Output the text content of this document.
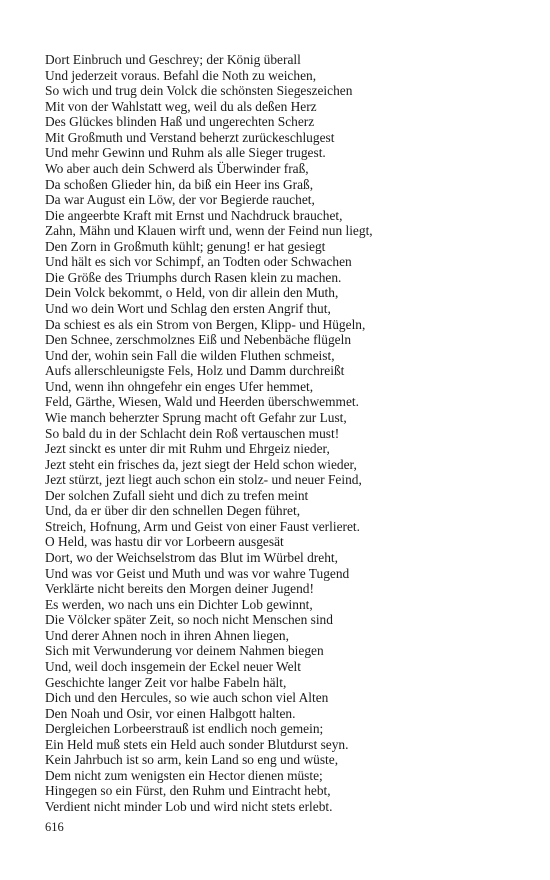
Dort Einbruch und Geschrey; der König überall
Und jederzeit voraus. Befahl die Noth zu weichen,
So wich und trug dein Volck die schönsten Siegeszeichen
Mit von der Wahlstatt weg, weil du als deßen Herz
Des Glückes blinden Haß und ungerechten Scherz
Mit Großmuth und Verstand beherzt zurückeschlugest
Und mehr Gewinn und Ruhm als alle Sieger trugest.
Wo aber auch dein Schwerd als Überwinder fraß,
Da schoßen Glieder hin, da biß ein Heer ins Graß,
Da war August ein Löw, der vor Begierde rauchet,
Die angeerbte Kraft mit Ernst und Nachdruck brauchet,
Zahn, Mähn und Klauen wirft und, wenn der Feind nun liegt,
Den Zorn in Großmuth kühlt; genung! er hat gesiegt
Und hält es sich vor Schimpf, an Todten oder Schwachen
Die Größe des Triumphs durch Rasen klein zu machen.
Dein Volck bekommt, o Held, von dir allein den Muth,
Und wo dein Wort und Schlag den ersten Angrif thut,
Da schiest es als ein Strom von Bergen, Klipp- und Hügeln,
Den Schnee, zerschmolznes Eiß und Nebenbäche flügeln
Und der, wohin sein Fall die wilden Fluthen schmeist,
Aufs allerschleunigste Fels, Holz und Damm durchreißt
Und, wenn ihn ohngefehr ein enges Ufer hemmet,
Feld, Gärthe, Wiesen, Wald und Heerden überschwemmet.
Wie manch beherzter Sprung macht oft Gefahr zur Lust,
So bald du in der Schlacht dein Roß vertauschen must!
Jezt sinckt es unter dir mit Ruhm und Ehrgeiz nieder,
Jezt steht ein frisches da, jezt siegt der Held schon wieder,
Jezt stürzt, jezt liegt auch schon ein stolz- und neuer Feind,
Der solchen Zufall sieht und dich zu trefen meint
Und, da er über dir den schnellen Degen führet,
Streich, Hofnung, Arm und Geist von einer Faust verlieret.
O Held, was hastu dir vor Lorbeern ausgesät
Dort, wo der Weichselstrom das Blut im Würbel dreht,
Und was vor Geist und Muth und was vor wahre Tugend
Verklärte nicht bereits den Morgen deiner Jugend!
Es werden, wo nach uns ein Dichter Lob gewinnt,
Die Völcker später Zeit, so noch nicht Menschen sind
Und derer Ahnen noch in ihren Ahnen liegen,
Sich mit Verwunderung vor deinem Nahmen biegen
Und, weil doch insgemein der Eckel neuer Welt
Geschichte langer Zeit vor halbe Fabeln hält,
Dich und den Hercules, so wie auch schon viel Alten
Den Noah und Osir, vor einen Halbgott halten.
Dergleichen Lorbeerstrauß ist endlich noch gemein;
Ein Held muß stets ein Held auch sonder Blutdurst seyn.
Kein Jahrbuch ist so arm, kein Land so eng und wüste,
Dem nicht zum wenigsten ein Hector dienen müste;
Hingegen so ein Fürst, den Ruhm und Eintracht hebt,
Verdient nicht minder Lob und wird nicht stets erlebt.
616
